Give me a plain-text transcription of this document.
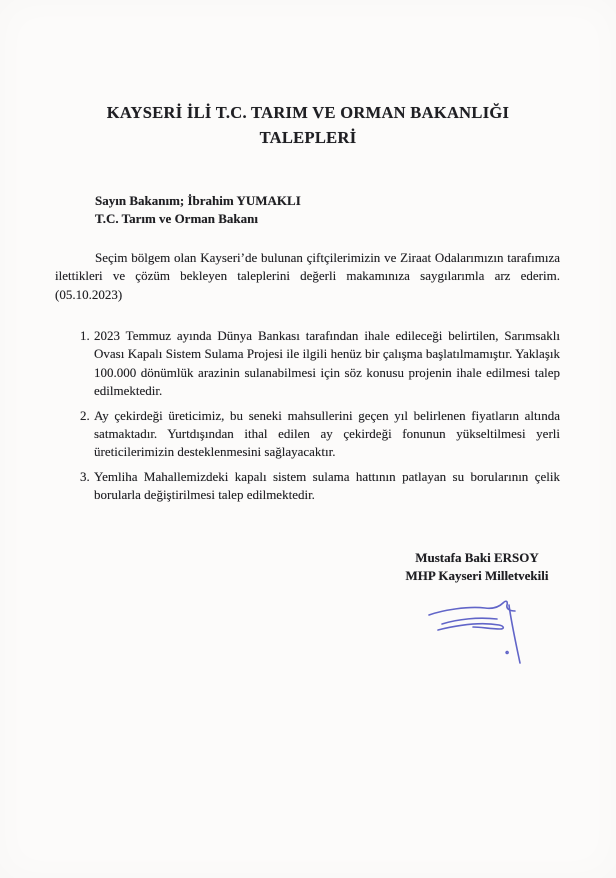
KAYSERİ İLİ T.C. TARIM VE ORMAN BAKANLIĞI
TALEPLERİ
Sayın Bakanım; İbrahim YUMAKLI
T.C. Tarım ve Orman Bakanı

Seçim bölgem olan Kayseri’de bulunan çiftçilerimizin ve Ziraat Odalarımızın tarafımıza ilettikleri ve çözüm bekleyen taleplerini değerli makamınıza saygılarımla arz ederim. (05.10.2023)

1. 2023 Temmuz ayında Dünya Bankası tarafından ihale edileceği belirtilen, Sarımsaklı Ovası Kapalı Sistem Sulama Projesi ile ilgili henüz bir çalışma başlatılmamıştır. Yaklaşık 100.000 dönümlük arazinin sulanabilmesi için söz konusu projenin ihale edilmesi talep edilmektedir.
2. Ay çekirdeği üreticimiz, bu seneki mahsullerini geçen yıl belirlenen fiyatların altında satmaktadır. Yurtdışından ithal edilen ay çekirdeği fonunun yükseltilmesi yerli üreticilerimizin desteklenmesini sağlayacaktır.
3. Yemliha Mahallemizdeki kapalı sistem sulama hattının patlayan su borularının çelik borularla değiştirilmesi talep edilmektedir.
Mustafa Baki ERSOY
MHP Kayseri Milletvekili
